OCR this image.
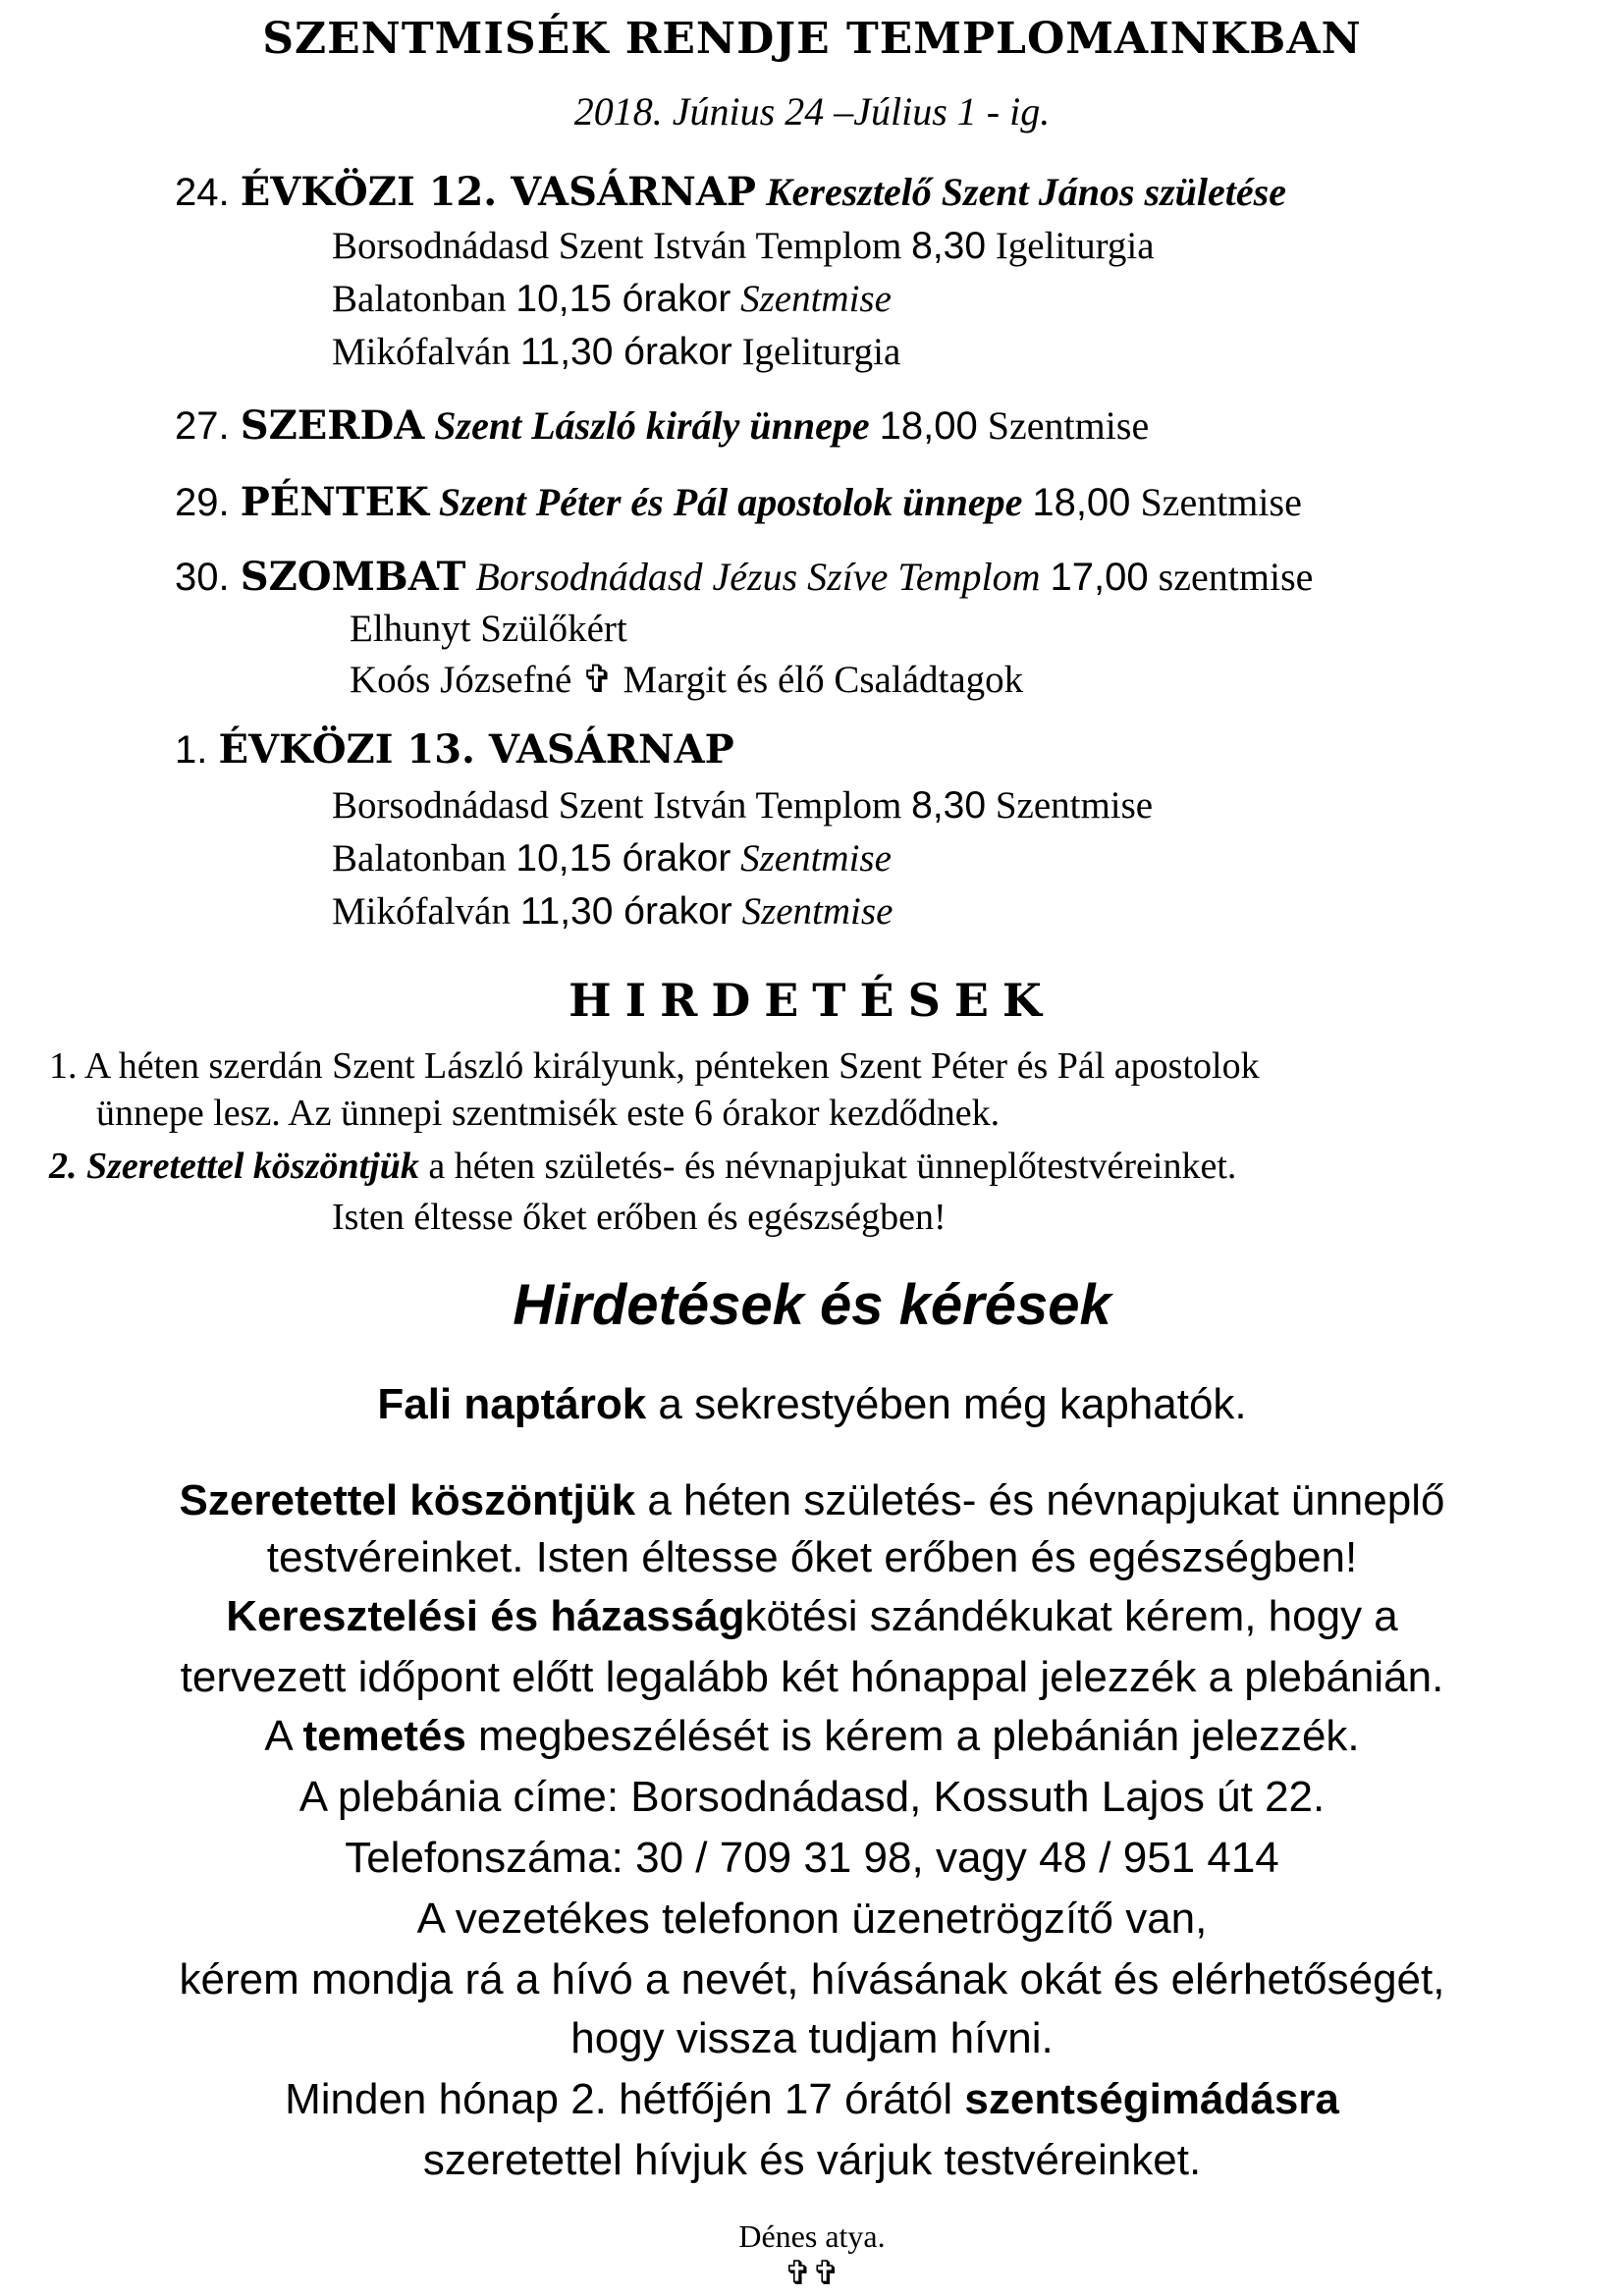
SZENTMISÉK RENDJE TEMPLOMAINKBAN
2018. Június 24 –Július 1 - ig.
24. ÉVKÖZI 12. VASÁRNAP Keresztelő Szent János születése
Borsodnádasd Szent István Templom 8,30 Igeliturgia
Balatonban 10,15 órakor Szentmise
Mikófalván 11,30 órakor Igeliturgia
27. SZERDA Szent László király ünnepe 18,00 Szentmise
29. PÉNTEK Szent Péter és Pál apostolok ünnepe 18,00 Szentmise
30. SZOMBAT Borsodnádasd Jézus Szíve Templom 17,00 szentmise
Elhunyt Szülőkért
Koós Józsefné ✞ Margit és élő Családtagok
1. ÉVKÖZI 13. VASÁRNAP
Borsodnádasd Szent István Templom 8,30 Szentmise
Balatonban 10,15 órakor Szentmise
Mikófalván 11,30 órakor Szentmise
HIRDETÉSEK
1. A héten szerdán Szent László királyunk, pénteken Szent Péter és Pál apostolok
ünnepe lesz. Az ünnepi szentmisék este 6 órakor kezdődnek.
2. Szeretettel köszöntjük a héten születés- és névnapjukat ünneplőtestvéreinket.
Isten éltesse őket erőben és egészségben!
Hirdetések és kérések
Fali naptárok a sekrestyében még kaphatók.
Szeretettel köszöntjük a héten születés- és névnapjukat ünneplő
testvéreinket. Isten éltesse őket erőben és egészségben!
Keresztelési és házasságkötési szándékukat kérem, hogy a
tervezett időpont előtt legalább két hónappal jelezzék a plebánián.
A temetés megbeszélését is kérem a plebánián jelezzék.
A plebánia címe: Borsodnádasd, Kossuth Lajos út 22.
Telefonszáma: 30 / 709 31 98, vagy 48 / 951 414
A vezetékes telefonon üzenetrögzítő van,
kérem mondja rá a hívó a nevét, hívásának okát és elérhetőségét,
hogy vissza tudjam hívni.
Minden hónap 2. hétfőjén 17 órától szentségimádásra
szeretettel hívjuk és várjuk testvéreinket.
Dénes atya.
✞✞
